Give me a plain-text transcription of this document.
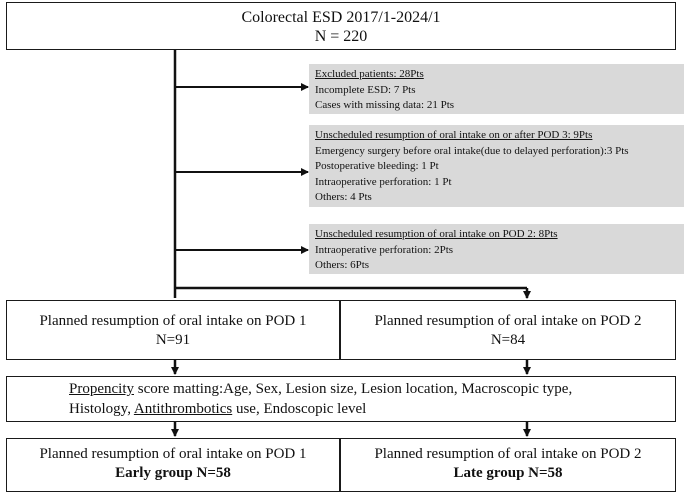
Colorectal ESD 2017/1-2024/1
N = 220
Excluded patients: 28Pts
Incomplete ESD: 7 Pts
Cases with missing data: 21 Pts
Unscheduled resumption of oral intake on or after POD 3: 9Pts
Emergency surgery before oral intake(due to delayed perforation):3 Pts
Postoperative bleeding: 1 Pt
Intraoperative perforation: 1 Pt
Others: 4 Pts
Unscheduled resumption of oral intake on POD 2: 8Pts
Intraoperative perforation: 2Pts
Others: 6Pts
Planned resumption of oral intake on POD 1
N=91
Planned resumption of oral intake on POD 2
N=84
Propencity score matting:Age, Sex, Lesion size, Lesion location, Macroscopic type,
Histology, Antithrombotics use, Endoscopic level
Planned resumption of oral intake on POD 1
Early group N=58
Planned resumption of oral intake on POD 2
Late group N=58
